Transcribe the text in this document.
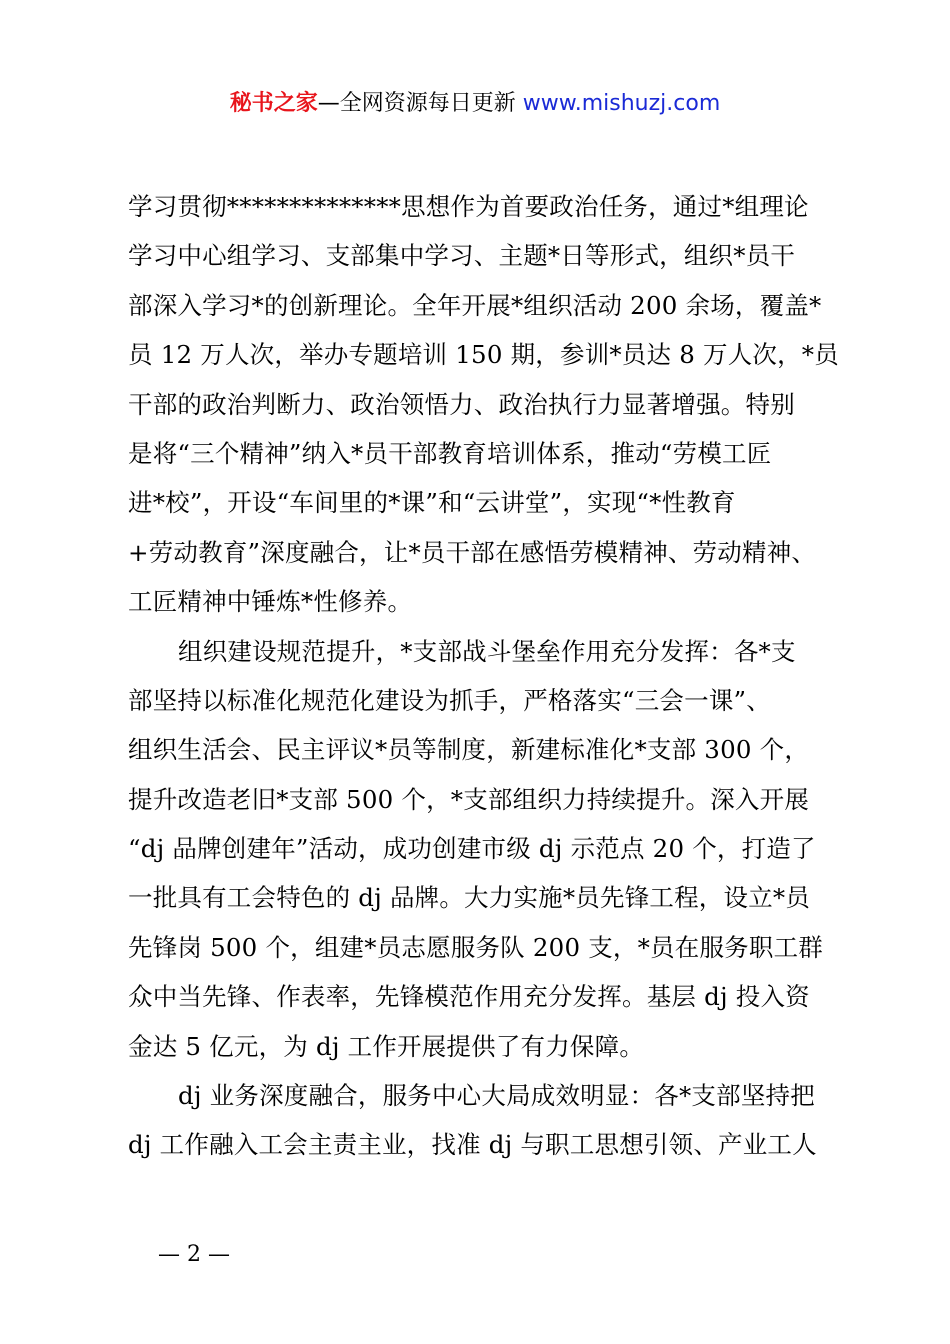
秘书之家—全网资源每日更新 www.mishuzj.com
学习贯彻**************思想作为首要政治任务，通过*组理论
学习中心组学习、支部集中学习、主题*日等形式，组织*员干
部深入学习*的创新理论。全年开展*组织活动 200 余场，覆盖*
员 12 万人次，举办专题培训 150 期，参训*员达 8 万人次，*员
干部的政治判断力、政治领悟力、政治执行力显著增强。特别
是将“三个精神”纳入*员干部教育培训体系，推动“劳模工匠
进*校”，开设“车间里的*课”和“云讲堂”，实现“*性教育
+劳动教育”深度融合，让*员干部在感悟劳模精神、劳动精神、
工匠精神中锤炼*性修养。
组织建设规范提升，*支部战斗堡垒作用充分发挥：各*支
部坚持以标准化规范化建设为抓手，严格落实“三会一课”、
组织生活会、民主评议*员等制度，新建标准化*支部 300 个，
提升改造老旧*支部 500 个，*支部组织力持续提升。深入开展
“dj 品牌创建年”活动，成功创建市级 dj 示范点 20 个，打造了
一批具有工会特色的 dj 品牌。大力实施*员先锋工程，设立*员
先锋岗 500 个，组建*员志愿服务队 200 支，*员在服务职工群
众中当先锋、作表率，先锋模范作用充分发挥。基层 dj 投入资
金达 5 亿元，为 dj 工作开展提供了有力保障。
dj 业务深度融合，服务中心大局成效明显：各*支部坚持把
dj 工作融入工会主责主业，找准 dj 与职工思想引领、产业工人
— 2 —
